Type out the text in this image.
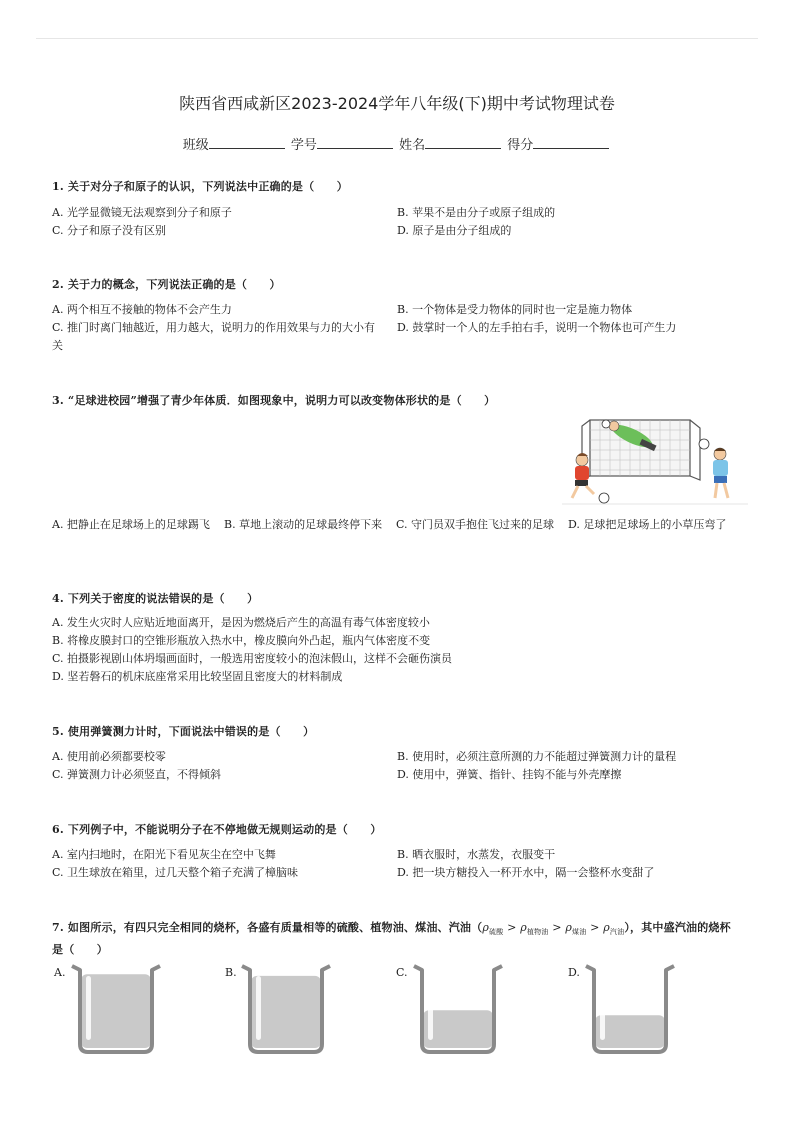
陕西省西咸新区2023-2024学年八年级(下)期中考试物理试卷
班级	学号	姓名	得分
1. 关于对分子和原子的认识，下列说法中正确的是（　　）
A. 光学显微镜无法观察到分子和原子	B. 苹果不是由分子或原子组成的
C. 分子和原子没有区别	D. 原子是由分子组成的
2. 关于力的概念，下列说法正确的是（　　）
A. 两个相互不接触的物体不会产生力	B. 一个物体是受力物体的同时也一定是施力物体
C. 推门时离门轴越近，用力越大，说明力的作用效果与力的大小有关
D. 鼓掌时一个人的左手拍右手，说明一个物体也可产生力
3. “足球进校园”增强了青少年体质．如图现象中，说明力可以改变物体形状的是（　　）
A. 把静止在足球场上的足球踢飞	B. 草地上滚动的足球最终停下来	C. 守门员双手抱住飞过来的足球	D. 足球把足球场上的小草压弯了
4. 下列关于密度的说法错误的是（　　）
A. 发生火灾时人应贴近地面离开，是因为燃烧后产生的高温有毒气体密度较小
B. 将橡皮膜封口的空锥形瓶放入热水中，橡皮膜向外凸起，瓶内气体密度不变
C. 拍摄影视剧山体坍塌画面时，一般选用密度较小的泡沫假山，这样不会砸伤演员
D. 坚若磐石的机床底座常采用比较坚固且密度大的材料制成
5. 使用弹簧测力计时，下面说法中错误的是（　　）
A. 使用前必须都要校零	B. 使用时，必须注意所测的力不能超过弹簧测力计的量程
C. 弹簧测力计必须竖直，不得倾斜	D. 使用中，弹簧、指针、挂钩不能与外壳摩擦
6. 下列例子中，不能说明分子在不停地做无规则运动的是（　　）
A. 室内扫地时，在阳光下看见灰尘在空中飞舞	B. 晒衣服时，水蒸发，衣服变干
C. 卫生球放在箱里，过几天整个箱子充满了樟脑味	D. 把一块方糖投入一杯开水中，隔一会整杯水变甜了
7. 如图所示，有四只完全相同的烧杯，各盛有质量相等的硫酸、植物油、煤油、汽油$(\rho_{硫酸} > \rho_{植物油} > \rho_{煤油} > \rho_{汽油})$，其中盛汽油的烧杯是（　　）
A.	B.	C.	D.
